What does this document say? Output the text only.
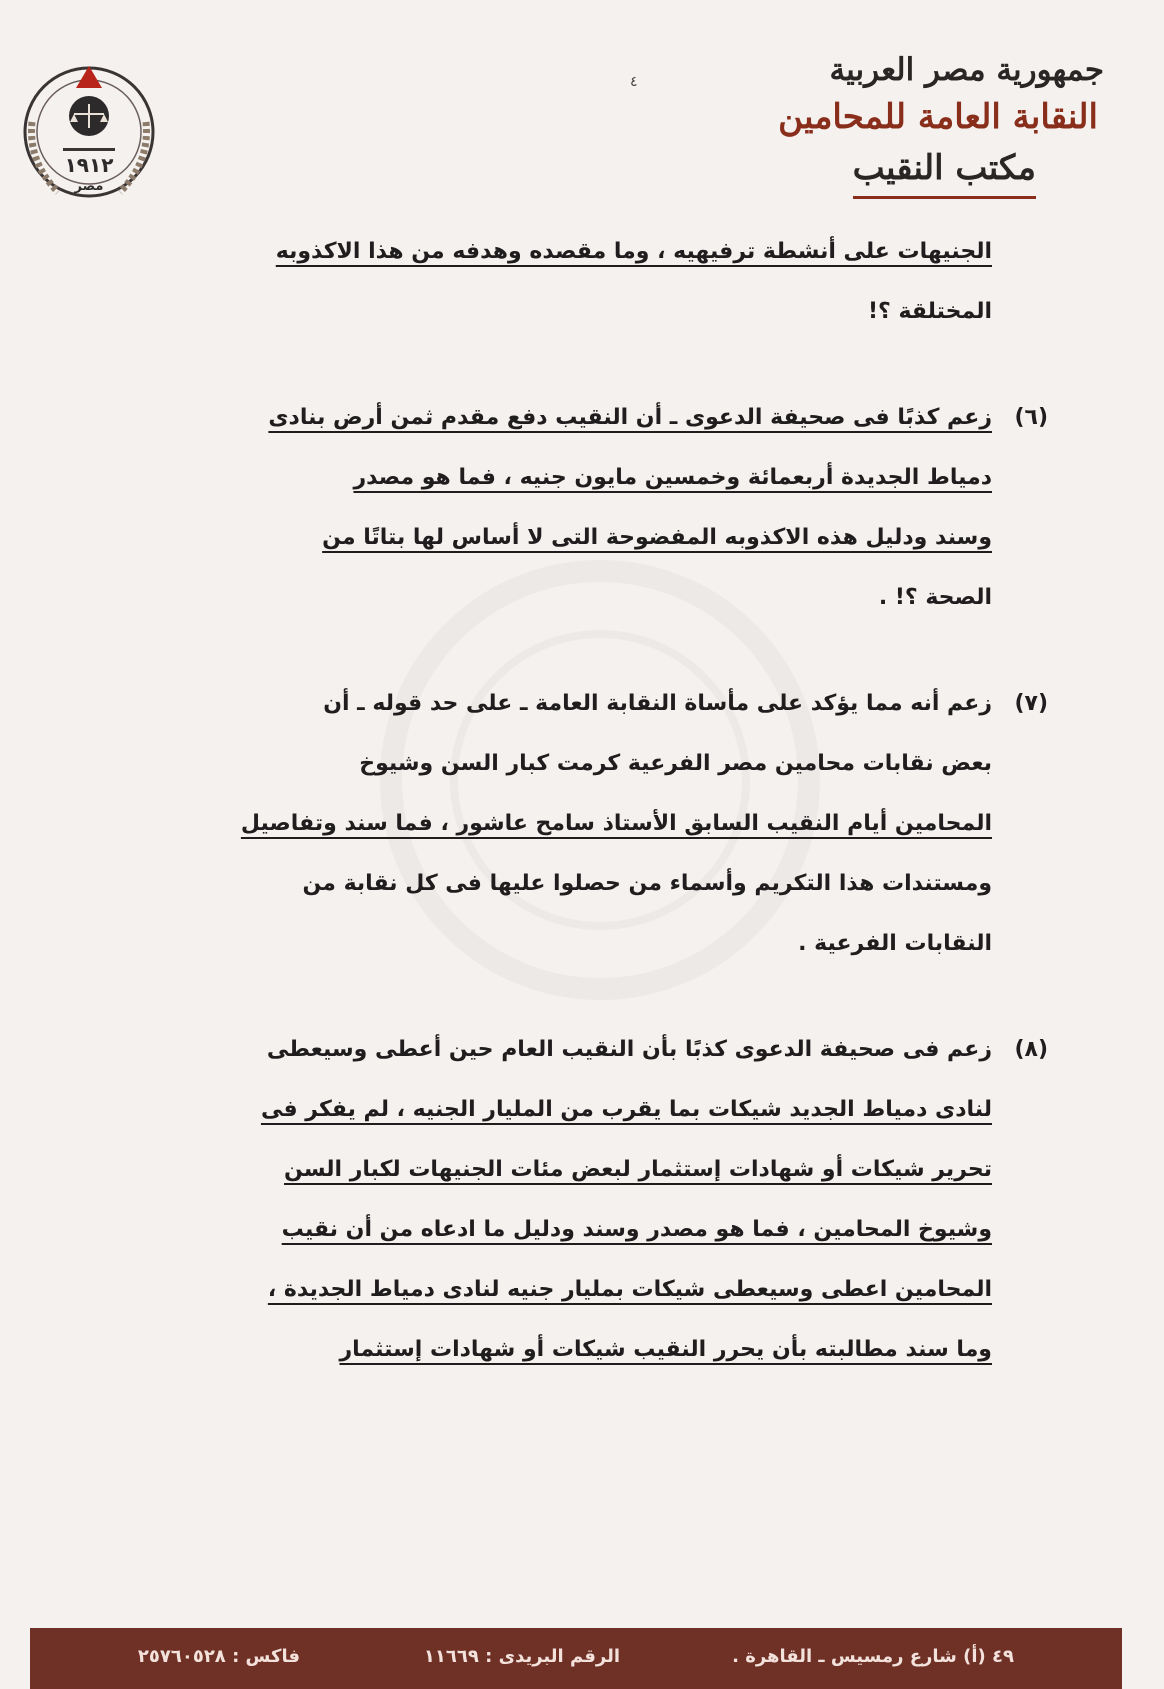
١٩١٢
مصر
جمهورية مصر العربية
النقابة العامة للمحامين
مكتب النقيب
٤
الجنيهات على أنشطة ترفيهيه ، وما مقصده وهدفه من هذا الاكذوبه
المختلقة ؟!
(٦)
زعم كذبًا فى صحيفة الدعوى ـ أن النقيب دفع مقدم ثمن أرض بنادى
دمياط الجديدة أربعمائة وخمسين مايون جنيه ، فما هو مصدر
وسند ودليل هذه الاكذوبه المفضوحة التى لا أساس لها بتاتًا من
الصحة ؟! .
(٧)
زعم أنه مما يؤكد على مأساة النقابة العامة ـ على حد قوله ـ أن
بعض نقابات محامين مصر الفرعية كرمت كبار السن وشيوخ
المحامين أيام النقيب السابق الأستاذ سامح عاشور ، فما سند وتفاصيل
ومستندات هذا التكريم وأسماء من حصلوا عليها فى كل نقابة من
النقابات الفرعية .
(٨)
زعم فى صحيفة الدعوى كذبًا بأن النقيب العام حين أعطى وسيعطى
لنادى دمياط الجديد شيكات بما يقرب من المليار الجنيه ، لم يفكر فى
تحرير شيكات أو شهادات إستثمار لبعض مئات الجنيهات لكبار السن
وشيوخ المحامين ، فما هو مصدر وسند ودليل ما ادعاه من أن نقيب
المحامين اعطى وسيعطى شيكات بمليار جنيه لنادى دمياط الجديدة ،
وما سند مطالبته بأن يحرر النقيب شيكات أو شهادات إستثمار
٤٩ (أ) شارع رمسيس ـ القاهرة .
الرقم البريدى : ١١٦٦٩
فاكس : ٢٥٧٦٠٥٢٨
